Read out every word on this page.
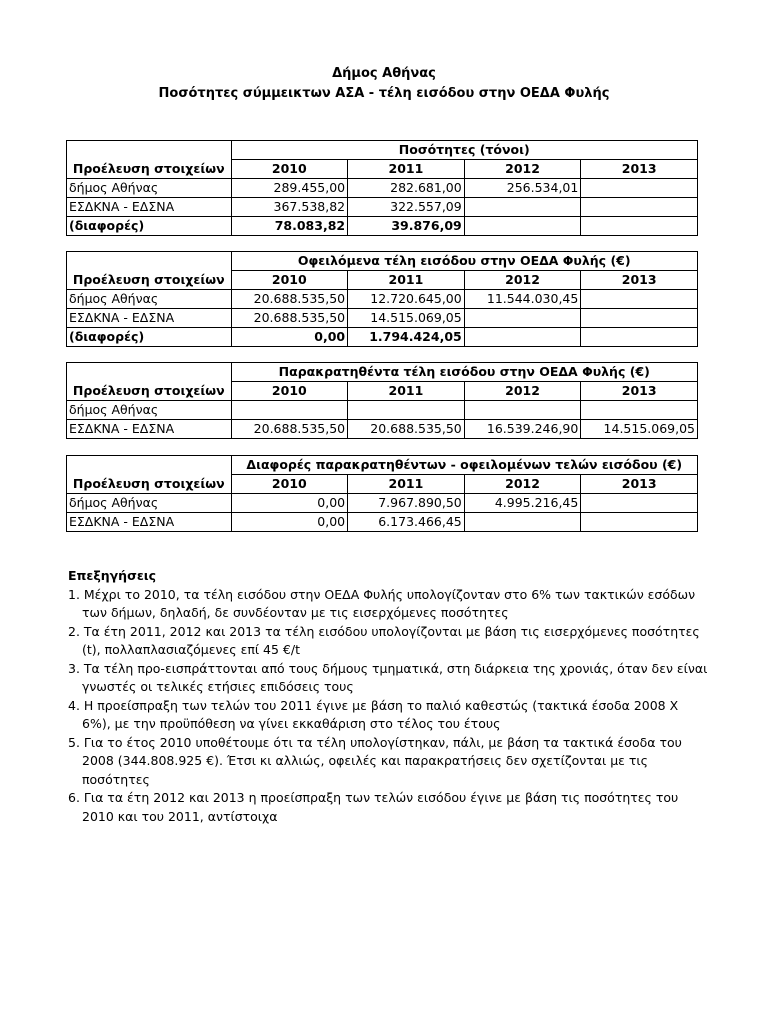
Δήμος Αθήνας
Ποσότητες σύμμεικτων ΑΣΑ - τέλη εισόδου στην ΟΕΔΑ Φυλής
	Ποσότητες (τόνοι)			
Προέλευση στοιχείων	2010	2011	2012	2013
δήμος Αθήνας	289.455,00	282.681,00	256.534,01	
ΕΣΔΚΝΑ - ΕΔΣΝΑ	367.538,82	322.557,09		
(διαφορές)	78.083,82	39.876,09		
	Οφειλόμενα τέλη εισόδου στην ΟΕΔΑ Φυλής (€)			
Προέλευση στοιχείων	2010	2011	2012	2013
δήμος Αθήνας	20.688.535,50	12.720.645,00	11.544.030,45	
ΕΣΔΚΝΑ - ΕΔΣΝΑ	20.688.535,50	14.515.069,05		
(διαφορές)	0,00	1.794.424,05		
	Παρακρατηθέντα τέλη εισόδου στην ΟΕΔΑ Φυλής (€)			
Προέλευση στοιχείων	2010	2011	2012	2013
δήμος Αθήνας				
ΕΣΔΚΝΑ - ΕΔΣΝΑ	20.688.535,50	20.688.535,50	16.539.246,90	14.515.069,05
	Διαφορές παρακρατηθέντων - οφειλομένων τελών εισόδου (€)			
Προέλευση στοιχείων	2010	2011	2012	2013
δήμος Αθήνας	0,00	7.967.890,50	4.995.216,45	
ΕΣΔΚΝΑ - ΕΔΣΝΑ	0,00	6.173.466,45		
Επεξηγήσεις
1. Μέχρι το 2010, τα τέλη εισόδου στην ΟΕΔΑ Φυλής υπολογίζονταν στο 6% των τακτικών εσόδων των δήμων, δηλαδή, δε συνδέονταν με τις εισερχόμενες ποσότητες
2. Τα έτη 2011, 2012 και 2013 τα τέλη εισόδου υπολογίζονται με βάση τις εισερχόμενες ποσότητες (t), πολλαπλασιαζόμενες επί 45 €/t
3. Τα τέλη προ-εισπράττονται από τους δήμους τμηματικά, στη διάρκεια της χρονιάς, όταν δεν είναι γνωστές οι τελικές ετήσιες επιδόσεις τους
4. Η προείσπραξη των τελών του 2011 έγινε με βάση το παλιό καθεστώς (τακτικά έσοδα 2008 Χ 6%), με την προϋπόθεση να γίνει εκκαθάριση στο τέλος του έτους
5. Για το έτος 2010 υποθέτουμε ότι τα τέλη υπολογίστηκαν, πάλι, με βάση τα τακτικά έσοδα του 2008 (344.808.925 €). Έτσι κι αλλιώς, οφειλές και παρακρατήσεις δεν σχετίζονται με τις ποσότητες
6. Για τα έτη 2012 και 2013 η προείσπραξη των τελών εισόδου έγινε με βάση τις ποσότητες του 2010 και του 2011, αντίστοιχα
